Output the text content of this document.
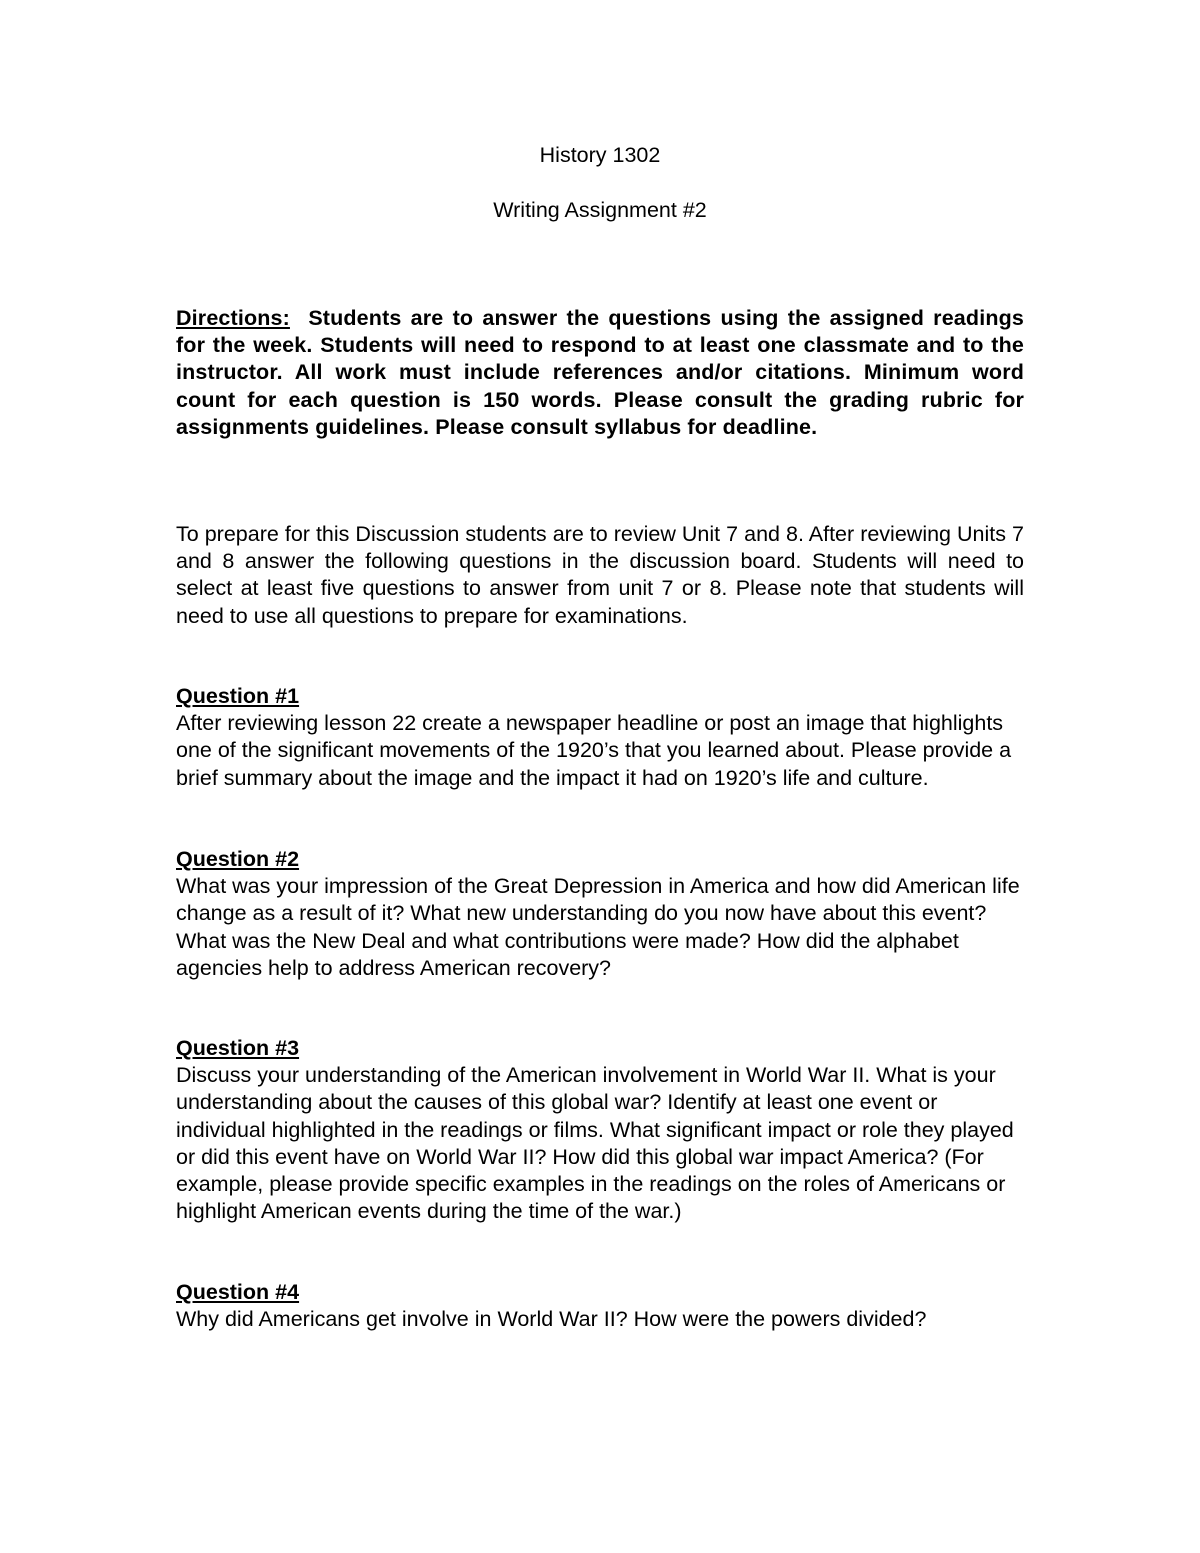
History 1302
Writing Assignment #2
Directions: Students are to answer the questions using the assigned readings for the week. Students will need to respond to at least one classmate and to the instructor. All work must include references and/or citations. Minimum word count for each question is 150 words. Please consult the grading rubric for assignments guidelines. Please consult syllabus for deadline.
To prepare for this Discussion students are to review Unit 7 and 8. After reviewing Units 7 and 8 answer the following questions in the discussion board. Students will need to select at least five questions to answer from unit 7 or 8. Please note that students will need to use all questions to prepare for examinations.
Question #1
After reviewing lesson 22 create a newspaper headline or post an image that highlights one of the significant movements of the 1920’s that you learned about. Please provide a brief summary about the image and the impact it had on 1920’s life and culture.
Question #2
What was your impression of the Great Depression in America and how did American life change as a result of it? What new understanding do you now have about this event? What was the New Deal and what contributions were made? How did the alphabet agencies help to address American recovery?
Question #3
Discuss your understanding of the American involvement in World War II. What is your understanding about the causes of this global war? Identify at least one event or individual highlighted in the readings or films. What significant impact or role they played or did this event have on World War II? How did this global war impact America? (For example, please provide specific examples in the readings on the roles of Americans or highlight American events during the time of the war.)
Question #4
Why did Americans get involve in World War II? How were the powers divided?
